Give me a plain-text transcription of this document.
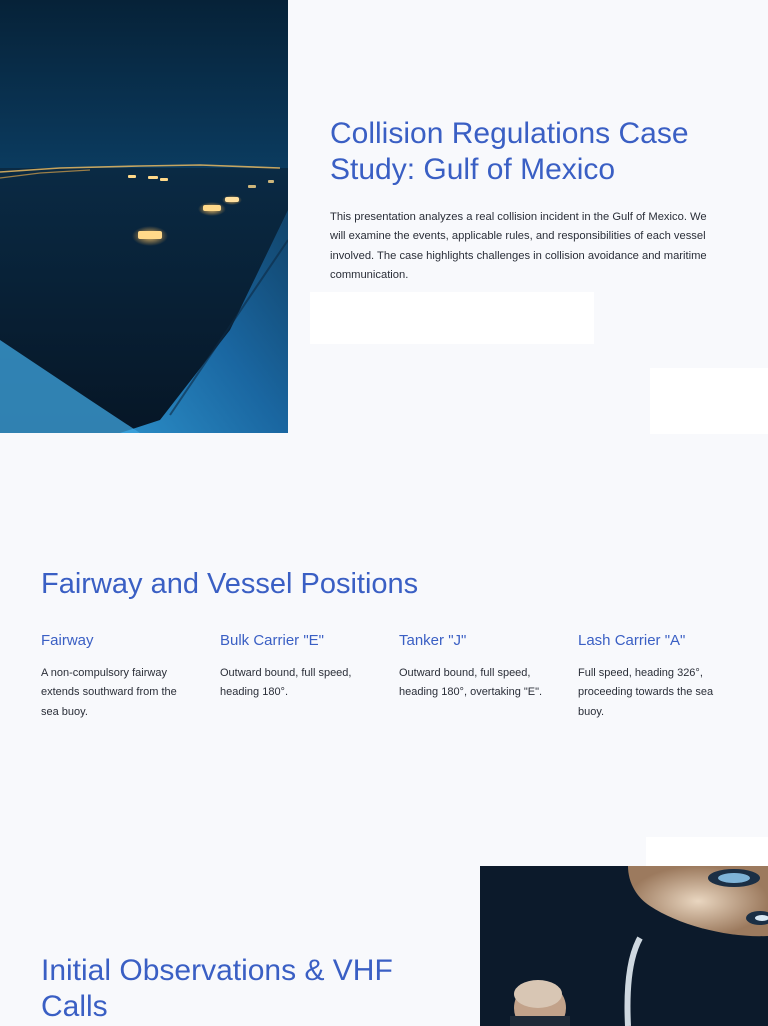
Collision Regulations Case Study: Gulf of Mexico

This presentation analyzes a real collision incident in the Gulf of Mexico. We will examine the events, applicable rules, and responsibilities of each vessel involved. The case highlights challenges in collision avoidance and maritime communication.

Fairway and Vessel Positions
Fairway

A non-compulsory fairway extends southward from the sea buoy.

Bulk Carrier "E"

Outward bound, full speed, heading 180°.

Tanker "J"

Outward bound, full speed, heading 180°, overtaking "E".

Lash Carrier "A"

Full speed, heading 326°, proceeding towards the sea buoy.

Initial Observations & VHF Calls
